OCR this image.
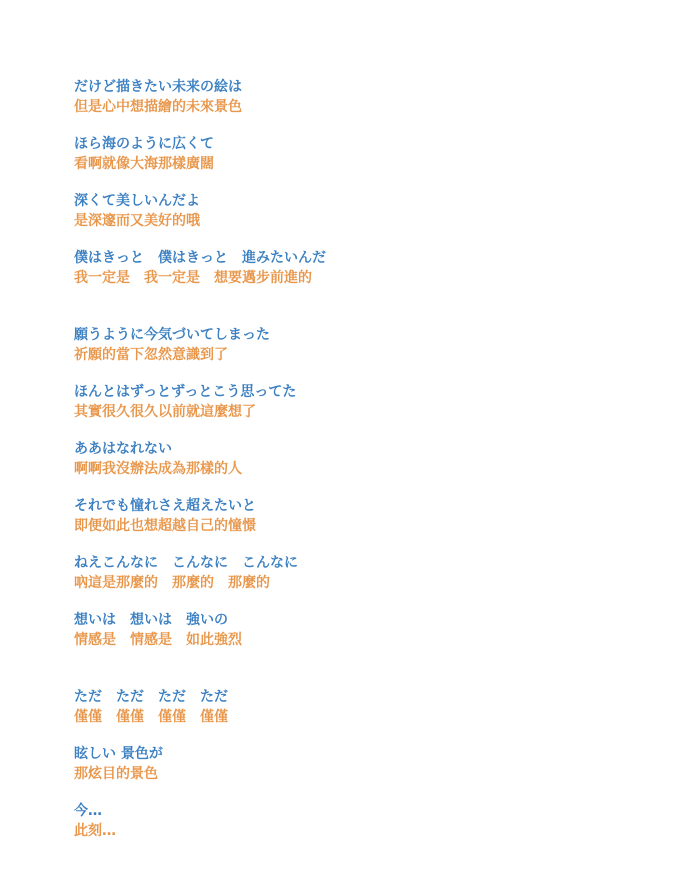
だけど描きたい未来の絵は
但是心中想描繪的未來景色
ほら海のように広くて
看啊就像大海那樣廣闊
深くて美しいんだよ
是深邃而又美好的哦
僕はきっと　僕はきっと　進みたいんだ
我一定是　我一定是　想要邁步前進的
願うように今気づいてしまった
祈願的當下忽然意識到了
ほんとはずっとずっとこう思ってた
其實很久很久以前就這麼想了
ああはなれない
啊啊我沒辦法成為那樣的人
それでも憧れさえ超えたいと
即便如此也想超越自己的憧憬
ねえこんなに　こんなに　こんなに
吶這是那麼的　那麼的　那麼的
想いは　想いは　強いの
情感是　情感是　如此強烈
ただ　ただ　ただ　ただ
僅僅　僅僅　僅僅　僅僅
眩しい 景色が
那炫目的景色
今…
此刻…
